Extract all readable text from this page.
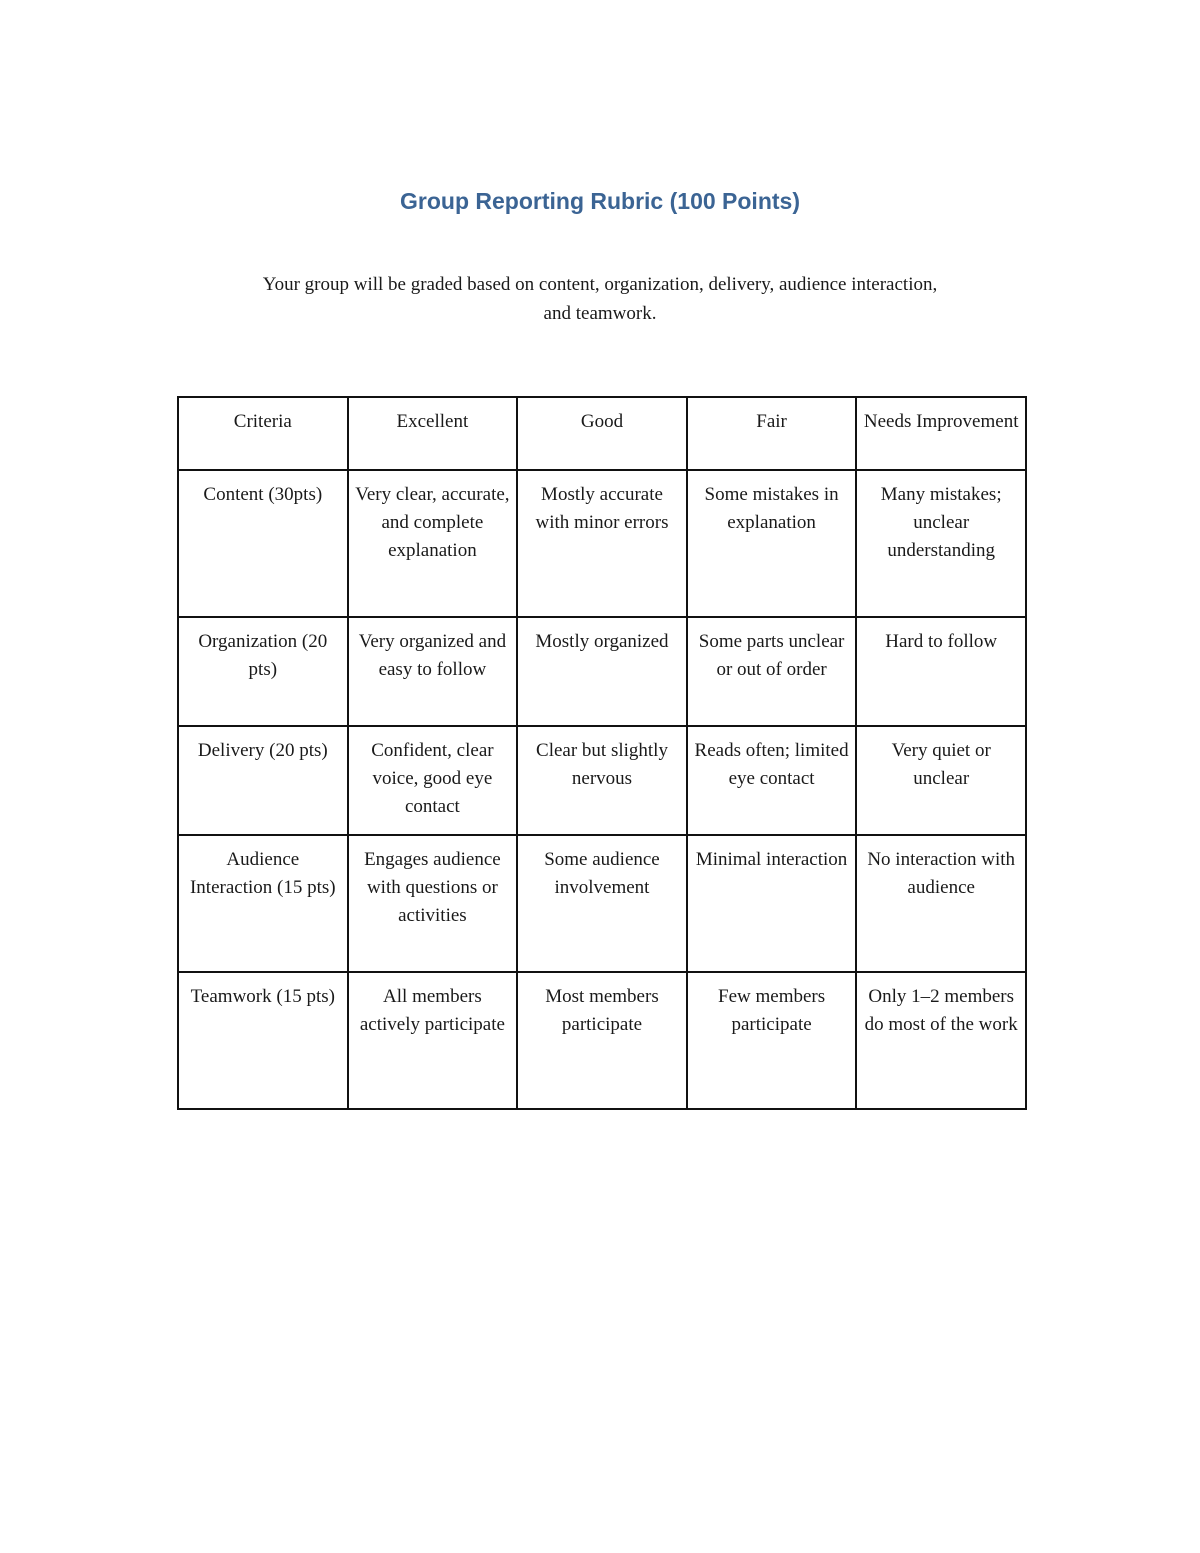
Group Reporting Rubric (100 Points)

Your group will be graded based on content, organization, delivery, audience interaction,
and teamwork.

Criteria	Excellent	Good	Fair	Needs Improvement
Content (30pts)	Very clear, accurate, and complete explanation	Mostly accurate with minor errors	Some mistakes in explanation	Many mistakes; unclear understanding
Organization (20 pts)	Very organized and easy to follow	Mostly organized	Some parts unclear or out of order	Hard to follow
Delivery (20 pts)	Confident, clear voice, good eye contact	Clear but slightly nervous	Reads often; limited eye contact	Very quiet or unclear
Audience Interaction (15 pts)	Engages audience with questions or activities	Some audience involvement	Minimal interaction	No interaction with audience
Teamwork (15 pts)	All members actively participate	Most members participate	Few members participate	Only 1–2 members do most of the work
